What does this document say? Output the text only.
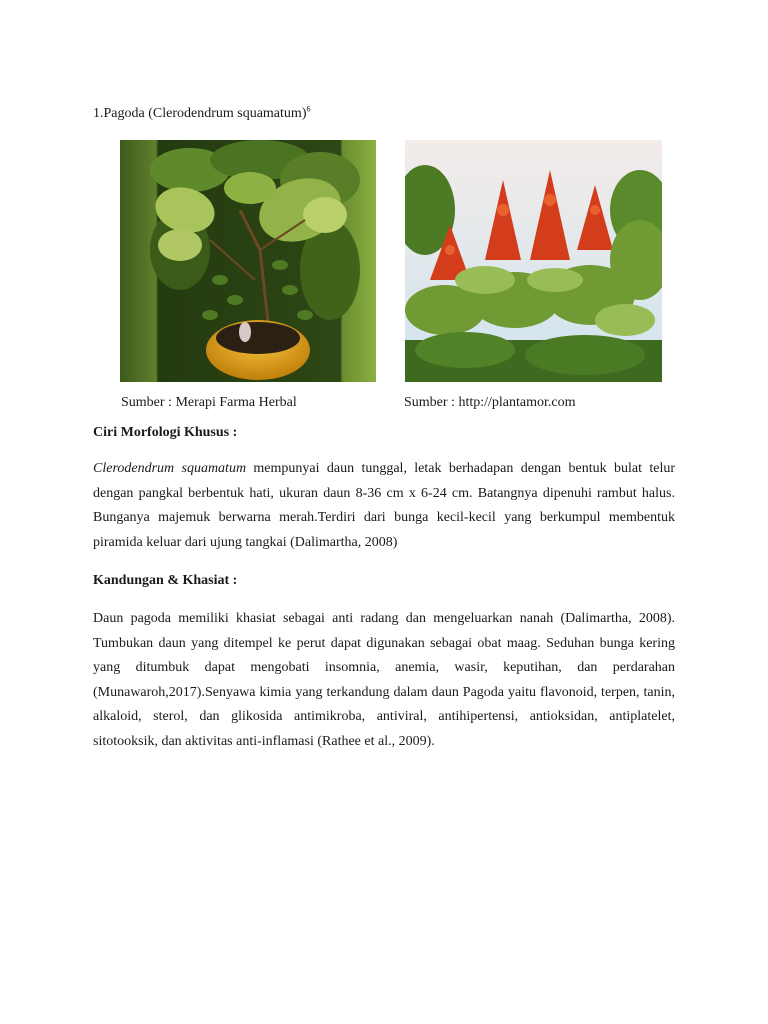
1.Pagoda (Clerodendrum squamatum)$^6$
Sumber : Merapi Farma Herbal	Sumber : http://plantamor.com
Ciri Morfologi Khusus :
Clerodendrum squamatum mempunyai daun tunggal, letak berhadapan dengan bentuk bulat telur dengan pangkal berbentuk hati, ukuran daun 8-36 cm x 6-24 cm. Batangnya dipenuhi rambut halus. Bunganya majemuk berwarna merah.Terdiri dari bunga kecil-kecil yang berkumpul membentuk piramida keluar dari ujung tangkai (Dalimartha, 2008)
Kandungan & Khasiat :
Daun pagoda memiliki khasiat sebagai anti radang dan mengeluarkan nanah (Dalimartha, 2008). Tumbukan daun yang ditempel ke perut dapat digunakan sebagai obat maag. Seduhan bunga kering yang ditumbuk dapat mengobati insomnia, anemia, wasir, keputihan, dan perdarahan (Munawaroh,2017).Senyawa kimia yang terkandung dalam daun Pagoda yaitu flavonoid, terpen, tanin, alkaloid, sterol, dan glikosida antimikroba, antiviral, antihipertensi, antioksidan, antiplatelet, sitotooksik, dan aktivitas anti-inflamasi (Rathee et al., 2009).
